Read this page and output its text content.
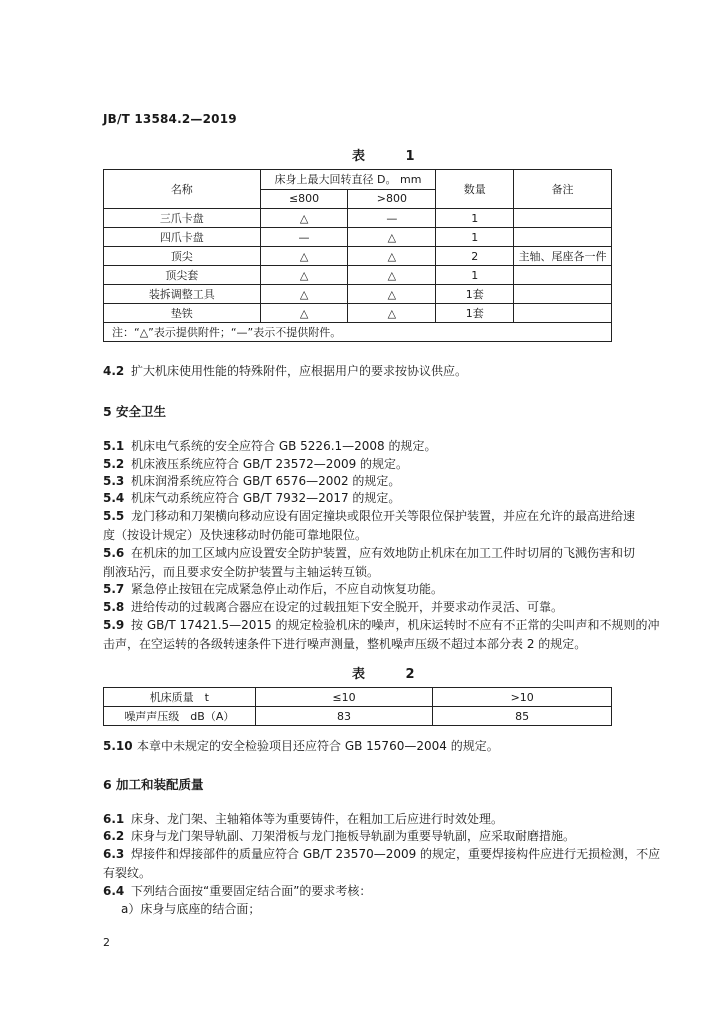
JB/T 13584.2—2019
表 1
名称	床身上最大回转直径 D。 mm		数量	备注
	≤800	>800		
三爪卡盘	△	—	1	
四爪卡盘	—	△	1	
顶尖	△	△	2	主轴、尾座各一件
顶尖套	△	△	1	
装拆调整工具	△	△	1套	
垫铁	△	△	1套	
注：“△”表示提供附件；“—”表示不提供附件。				
4.2 扩大机床使用性能的特殊附件，应根据用户的要求按协议供应。
5 安全卫生
5.1 机床电气系统的安全应符合 GB 5226.1—2008 的规定。
5.2 机床液压系统应符合 GB/T 23572—2009 的规定。
5.3 机床润滑系统应符合 GB/T 6576—2002 的规定。
5.4 机床气动系统应符合 GB/T 7932—2017 的规定。
5.5 龙门移动和刀架横向移动应设有固定撞块或限位开关等限位保护装置，并应在允许的最高进给速
度（按设计规定）及快速移动时仍能可靠地限位。
5.6 在机床的加工区域内应设置安全防护装置，应有效地防止机床在加工工件时切屑的飞溅伤害和切
削液玷污，而且要求安全防护装置与主轴运转互锁。
5.7 紧急停止按钮在完成紧急停止动作后，不应自动恢复功能。
5.8 进给传动的过载离合器应在设定的过载扭矩下安全脱开，并要求动作灵活、可靠。
5.9 按 GB/T 17421.5—2015 的规定检验机床的噪声，机床运转时不应有不正常的尖叫声和不规则的冲
击声，在空运转的各级转速条件下进行噪声测量，整机噪声压级不超过本部分表 2 的规定。
表 2
机床质量　t	≤10	>10
噪声声压级　dB（A）	83	85
5.10 本章中未规定的安全检验项目还应符合 GB 15760—2004 的规定。
6 加工和装配质量
6.1 床身、龙门架、主轴箱体等为重要铸件，在粗加工后应进行时效处理。
6.2 床身与龙门架导轨副、刀架滑板与龙门拖板导轨副为重要导轨副，应采取耐磨措施。
6.3 焊接件和焊接部件的质量应符合 GB/T 23570—2009 的规定，重要焊接构件应进行无损检测，不应
有裂纹。
6.4 下列结合面按“重要固定结合面”的要求考核：
a）床身与底座的结合面；
2
